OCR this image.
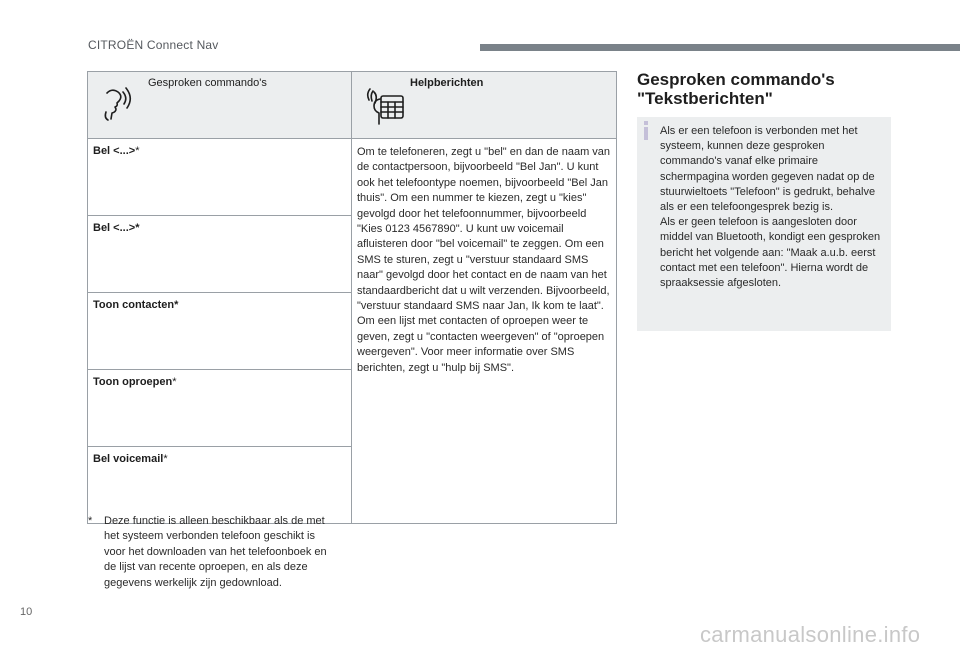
CITROËN Connect Nav
Gesproken commando's	Helpberichten

Bel <...>*	Om te telefoneren, zegt u "bel" en dan de naam van de contactpersoon, bijvoorbeeld "Bel Jan". U kunt ook het telefoontype noemen, bijvoorbeeld "Bel Jan thuis". Om een nummer te kiezen, zegt u "kies" gevolgd door het telefoonnummer, bijvoorbeeld "Kies 0123 4567890". U kunt uw voicemail afluisteren door "bel voicemail" te zeggen. Om een SMS te sturen, zegt u "verstuur standaard SMS naar" gevolgd door het contact en de naam van het standaardbericht dat u wilt verzenden. Bijvoorbeeld, "verstuur standaard SMS naar Jan, Ik kom te laat". Om een lijst met contacten of oproepen weer te geven, zegt u "contacten weergeven" of "oproepen weergeven". Voor meer informatie over SMS berichten, zegt u "hulp bij SMS".
Bel <...>*	
Toon contacten*	
Toon oproepen*	
Bel voicemail*	
* Deze functie is alleen beschikbaar als de met het systeem verbonden telefoon geschikt is voor het downloaden van het telefoonboek en de lijst van recente oproepen, en als deze gegevens werkelijk zijn gedownload.
Gesproken commando's
"Tekstberichten"
Als er een telefoon is verbonden met het systeem, kunnen deze gesproken commando's vanaf elke primaire schermpagina worden gegeven nadat op de stuurwieltoets "Telefoon" is gedrukt, behalve als er een telefoongesprek bezig is.
Als er geen telefoon is aangesloten door middel van Bluetooth, kondigt een gesproken bericht het volgende aan: "Maak a.u.b. eerst contact met een telefoon". Hierna wordt de spraaksessie afgesloten.
10
carmanualsonline.info
